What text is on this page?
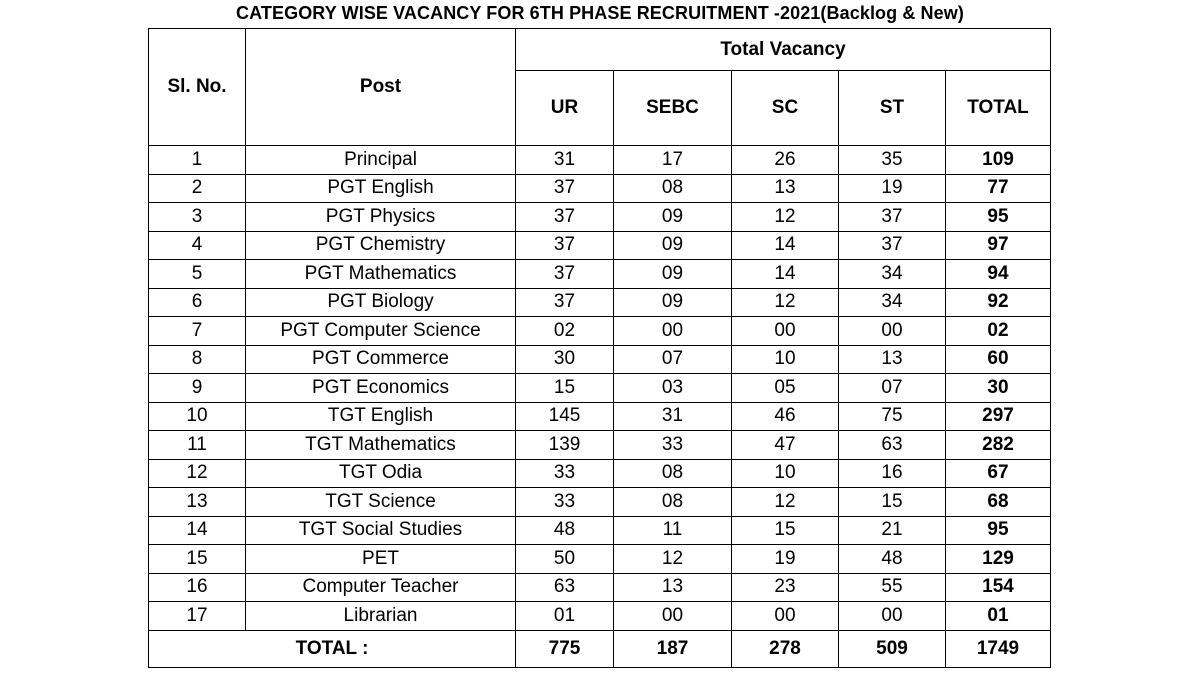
CATEGORY WISE VACANCY FOR 6TH PHASE RECRUITMENT -2021(Backlog & New)
Sl. No.	Post	Total Vacancy				
		UR	SEBC	SC	ST	TOTAL
1	Principal	31	17	26	35	109
2	PGT English	37	08	13	19	77
3	PGT Physics	37	09	12	37	95
4	PGT Chemistry	37	09	14	37	97
5	PGT Mathematics	37	09	14	34	94
6	PGT Biology	37	09	12	34	92
7	PGT Computer Science	02	00	00	00	02
8	PGT Commerce	30	07	10	13	60
9	PGT Economics	15	03	05	07	30
10	TGT English	145	31	46	75	297
11	TGT Mathematics	139	33	47	63	282
12	TGT Odia	33	08	10	16	67
13	TGT Science	33	08	12	15	68
14	TGT Social Studies	48	11	15	21	95
15	PET	50	12	19	48	129
16	Computer Teacher	63	13	23	55	154
17	Librarian	01	00	00	00	01
TOTAL :		775	187	278	509	1749
